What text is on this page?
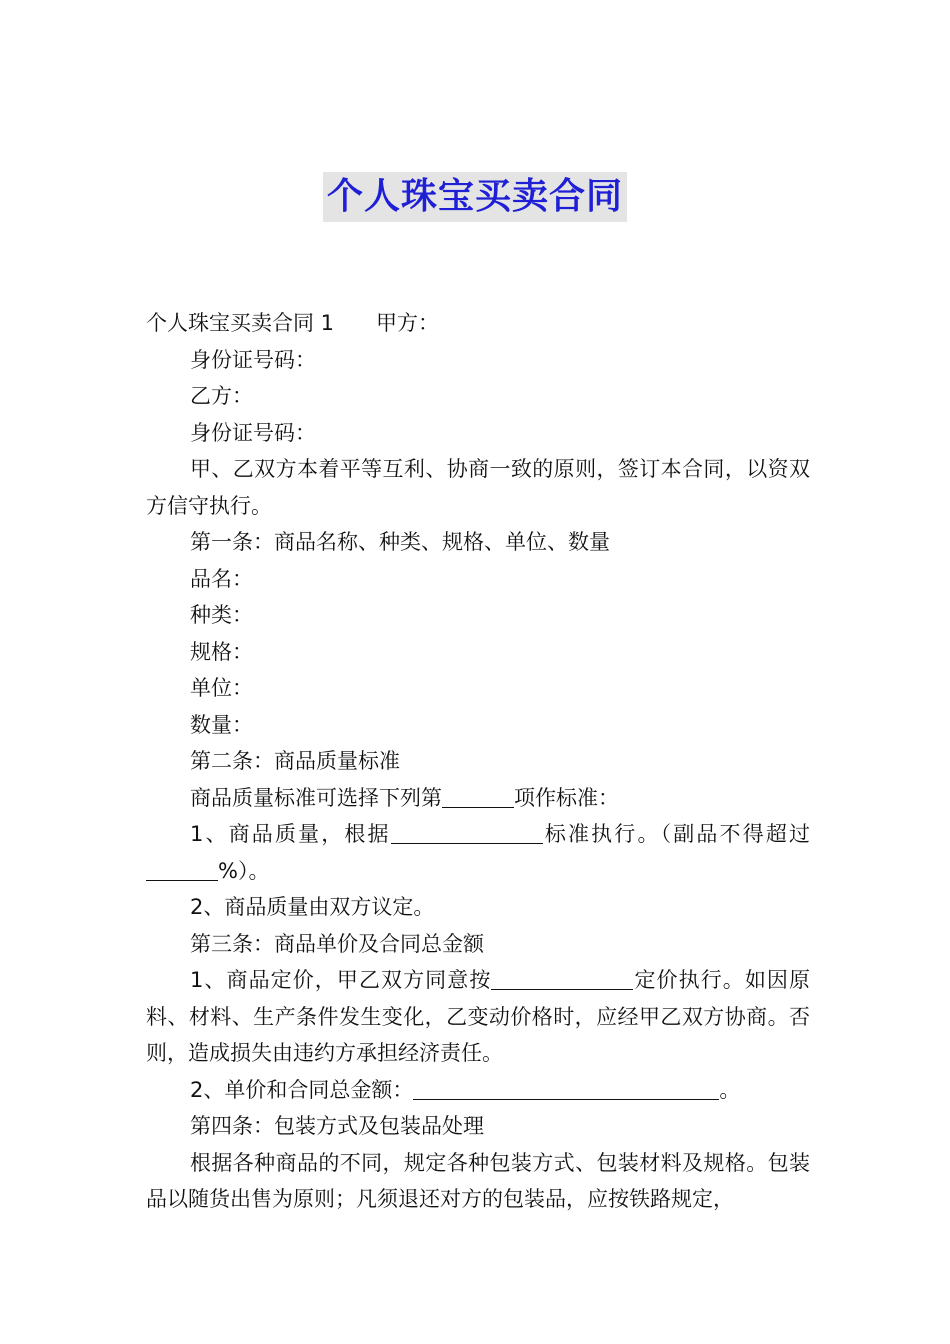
个人珠宝买卖合同

个人珠宝买卖合同 1 甲方：

身份证号码：

乙方：

身份证号码：

甲、乙双方本着平等互利、协商一致的原则，签订本合同，以资双方信守执行。

第一条：商品名称、种类、规格、单位、数量

品名：

种类：

规格：

单位：

数量：

第二条：商品质量标准

商品质量标准可选择下列第	项作标准：

1、商品质量，根据	标准执行。（副品不得超过%）。

2、商品质量由双方议定。

第三条：商品单价及合同总金额

1、商品定价，甲乙双方同意按	定价执行。如因原料、材料、生产条件发生变化，乙变动价格时，应经甲乙双方协商。否则，造成损失由违约方承担经济责任。

2、单价和合同总金额：	。

第四条：包装方式及包装品处理

根据各种商品的不同，规定各种包装方式、包装材料及规格。包装品以随货出售为原则；凡须退还对方的包装品，应按铁路规定，
